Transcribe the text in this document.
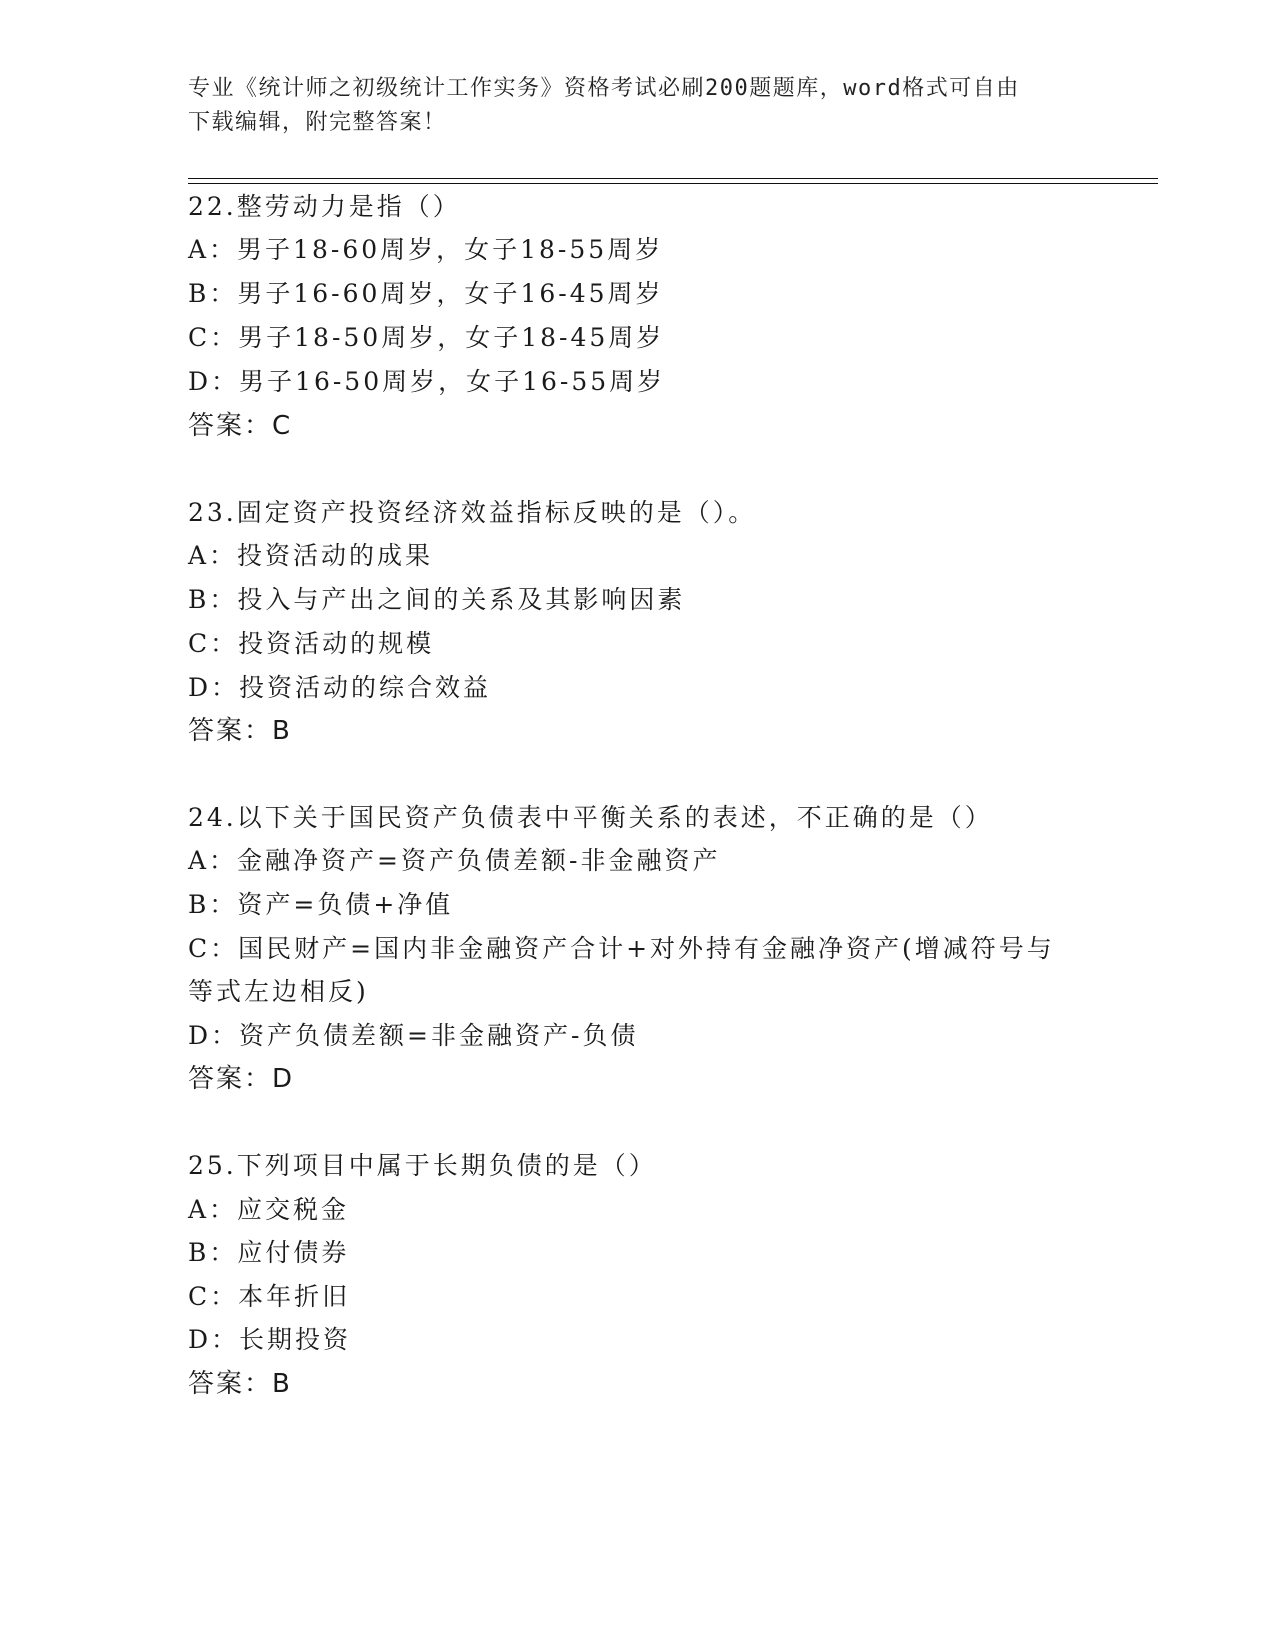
专业《统计师之初级统计工作实务》资格考试必刷200题题库，word格式可自由
下载编辑，附完整答案！
22.整劳动力是指（）
A：男子18-60周岁，女子18-55周岁
B：男子16-60周岁，女子16-45周岁
C：男子18-50周岁，女子18-45周岁
D：男子16-50周岁，女子16-55周岁
答案：C
23.固定资产投资经济效益指标反映的是（）。
A：投资活动的成果
B：投入与产出之间的关系及其影响因素
C：投资活动的规模
D：投资活动的综合效益
答案：B
24.以下关于国民资产负债表中平衡关系的表述，不正确的是（）
A：金融净资产=资产负债差额-非金融资产
B：资产=负债+净值
C：国民财产=国内非金融资产合计+对外持有金融净资产(增减符号与
等式左边相反)
D：资产负债差额=非金融资产-负债
答案：D
25.下列项目中属于长期负债的是（）
A：应交税金
B：应付债券
C：本年折旧
D：长期投资
答案：B
